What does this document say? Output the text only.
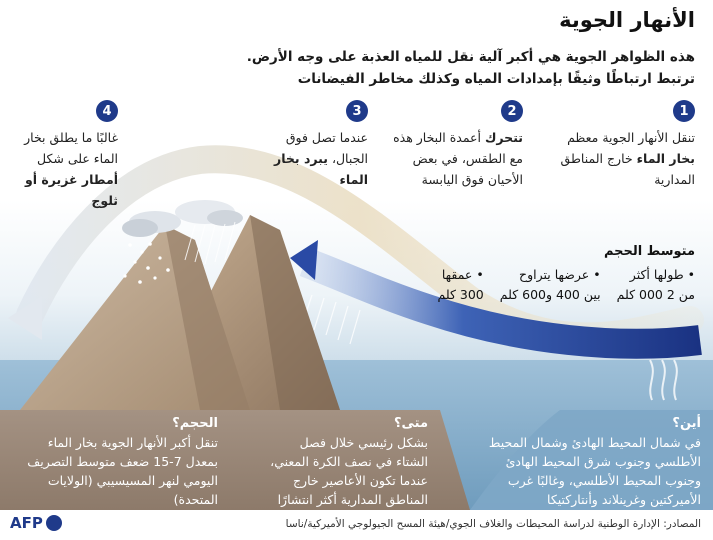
الأنهار الجوية
هذه الظواهر الجوية هي أكبر آلية نقل للمياه العذبة على وجه الأرض.
ترتبط ارتباطًا وثيقًا بإمدادات المياه وكذلك مخاطر الفيضانات
1

تنقل الأنهار الجوية معظم بخار الماء خارج المناطق المدارية

2

تتحرك أعمدة البخار هذه مع الطقس، في بعض الأحيان فوق اليابسة

3

عندما تصل فوق الجبال، يبرد بخار الماء

4

غالبًا ما يطلق بخار الماء على شكل أمطار غزيرة أو ثلوج

متوسط الحجم
• طولها أكثر
من 2 000 كلم
• عرضها يتراوح
بين 400 و600 كلم
• عمقها
300 كلم
أين؟

في شمال المحيط الهادئ وشمال المحيط الأطلسي وجنوب شرق المحيط الهادئ وجنوب المحيط الأطلسي، وغالبًا غرب الأميركتين وغرينلاند وأنتاركتيكا

متى؟

بشكل رئيسي خلال فصل الشتاء في نصف الكرة المعني، عندما تكون الأعاصير خارج المناطق المدارية أكثر انتشارًا

الحجم؟

تنقل أكبر الأنهار الجوية بخار الماء بمعدل 7-15 ضعف متوسط التصريف اليومي لنهر المسيسيبي (الولايات المتحدة)

المصادر: الإدارة الوطنية لدراسة المحيطات والغلاف الجوي/هيئة المسح الجيولوجي الأميركية/ناسا
AFP
